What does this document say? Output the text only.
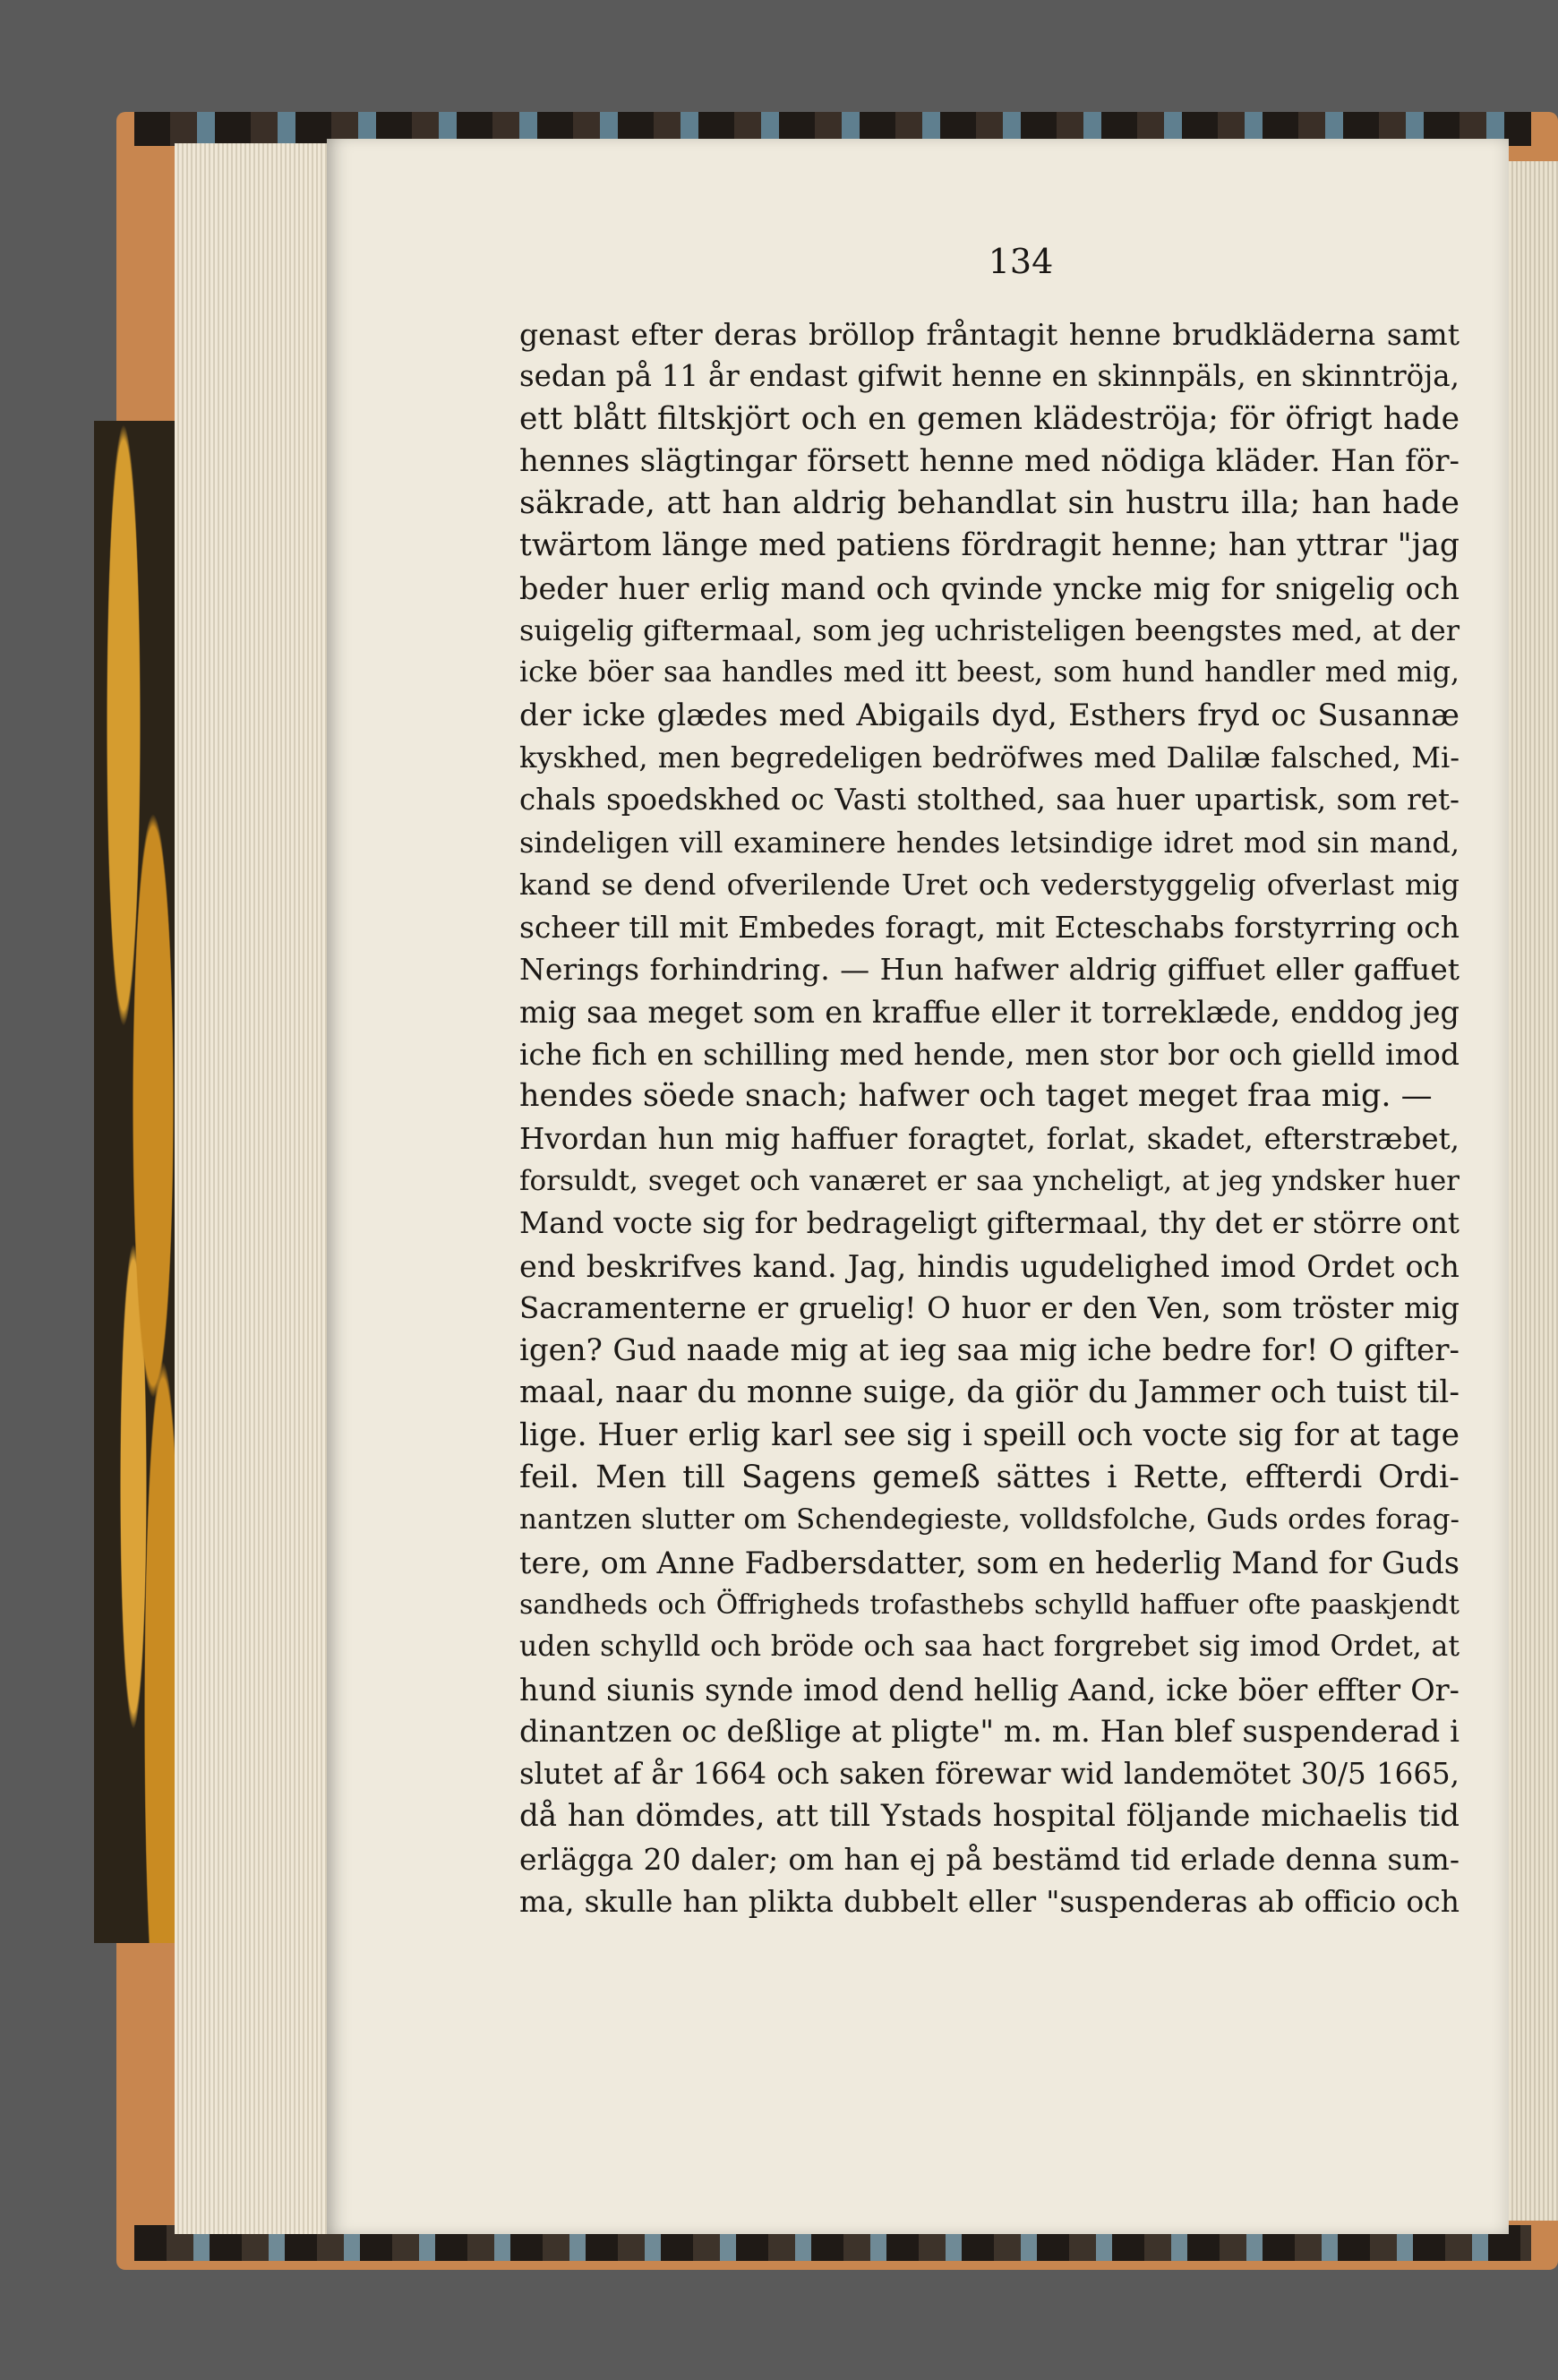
134
genast efter deras bröllop fråntagit henne brudkläderna samt
sedan på 11 år endast gifwit henne en skinnpäls, en skinntröja,
ett blått filtskjört och en gemen klädeströja; för öfrigt hade
hennes slägtingar försett henne med nödiga kläder. Han för-
säkrade, att han aldrig behandlat sin hustru illa; han hade
twärtom länge med patiens fördragit henne; han yttrar "jag
beder huer erlig mand och qvinde yncke mig for snigelig och
suigelig giftermaal, som jeg uchristeligen beengstes med, at der
icke böer saa handles med itt beest, som hund handler med mig,
der icke glædes med Abigails dyd, Esthers fryd oc Susannæ
kyskhed, men begredeligen bedröfwes med Dalilæ falsched, Mi-
chals spoedskhed oc Vasti stolthed, saa huer upartisk, som ret-
sindeligen vill examinere hendes letsindige idret mod sin mand,
kand se dend ofverilende Uret och vederstyggelig ofverlast mig
scheer till mit Embedes foragt, mit Ecteschabs forstyrring och
Nerings forhindring. — Hun hafwer aldrig giffuet eller gaffuet
mig saa meget som en kraffue eller it torreklæde, enddog jeg
iche fich en schilling med hende, men stor bor och gielld imod
hendes söede snach; hafwer och taget meget fraa mig. —
Hvordan hun mig haffuer foragtet, forlat, skadet, efterstræbet,
forsuldt, sveget och vanæret er saa yncheligt, at jeg yndsker huer
Mand vocte sig for bedrageligt giftermaal, thy det er större ont
end beskrifves kand. Jag, hindis ugudelighed imod Ordet och
Sacramenterne er gruelig! O huor er den Ven, som tröster mig
igen? Gud naade mig at ieg saa mig iche bedre for! O gifter-
maal, naar du monne suige, da giör du Jammer och tuist til-
lige. Huer erlig karl see sig i speill och vocte sig for at tage
feil. Men till Sagens gemeß sättes i Rette, effterdi Ordi-
nantzen slutter om Schendegieste, volldsfolche, Guds ordes forag-
tere, om Anne Fadbersdatter, som en hederlig Mand for Guds
sandheds och Öffrigheds trofasthebs schylld haffuer ofte paaskjendt
uden schylld och bröde och saa hact forgrebet sig imod Ordet, at
hund siunis synde imod dend hellig Aand, icke böer effter Or-
dinantzen oc deßlige at pligte" m. m. Han blef suspenderad i
slutet af år 1664 och saken förewar wid landemötet 30/5 1665,
då han dömdes, att till Ystads hospital följande michaelis tid
erlägga 20 daler; om han ej på bestämd tid erlade denna sum-
ma, skulle han plikta dubbelt eller "suspenderas ab officio och
